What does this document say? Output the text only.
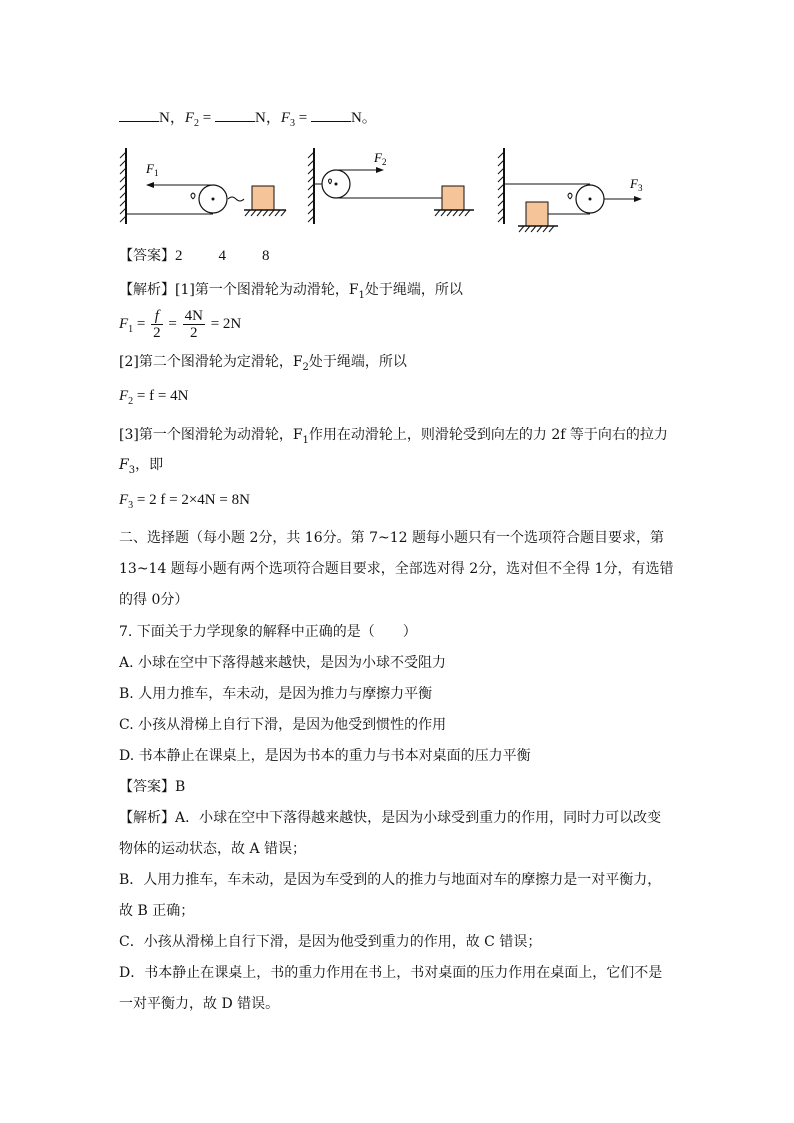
N，$F_2$ =	N，$F_3$ =	N。
$F_1$
$F_2$
$F_3$
【答案】2 4 8
【解析】[1]第一个图滑轮为动滑轮，$F_1$处于绳端，所以
$F_1 = \frac{f}{2} = \frac{4N}{2} = 2N$
[2]第二个图滑轮为定滑轮，$F_2$处于绳端，所以
$F_2 = f = 4N$
[3]第一个图滑轮为动滑轮，$F_1$作用在动滑轮上，则滑轮受到向左的力 2f 等于向右的拉力
$F_3$，即
$F_3 = 2$ f = 2×4N = 8N
二、选择题（每小题 2分，共 16分。第 7~12 题每小题只有一个选项符合题目要求，第
13~14 题每小题有两个选项符合题目要求，全部选对得 2分，选对但不全得 1分，有选错
的得 0分）
7. 下面关于力学现象的解释中正确的是（　　）
A. 小球在空中下落得越来越快，是因为小球不受阻力
B. 人用力推车，车未动，是因为推力与摩擦力平衡
C. 小孩从滑梯上自行下滑，是因为他受到惯性的作用
D. 书本静止在课桌上，是因为书本的重力与书本对桌面的压力平衡
【答案】B
【解析】A．小球在空中下落得越来越快，是因为小球受到重力的作用，同时力可以改变
物体的运动状态，故 A 错误；
B．人用力推车，车未动，是因为车受到的人的推力与地面对车的摩擦力是一对平衡力，
故 B 正确；
C．小孩从滑梯上自行下滑，是因为他受到重力的作用，故 C 错误；
D．书本静止在课桌上，书的重力作用在书上，书对桌面的压力作用在桌面上，它们不是
一对平衡力，故 D 错误。
